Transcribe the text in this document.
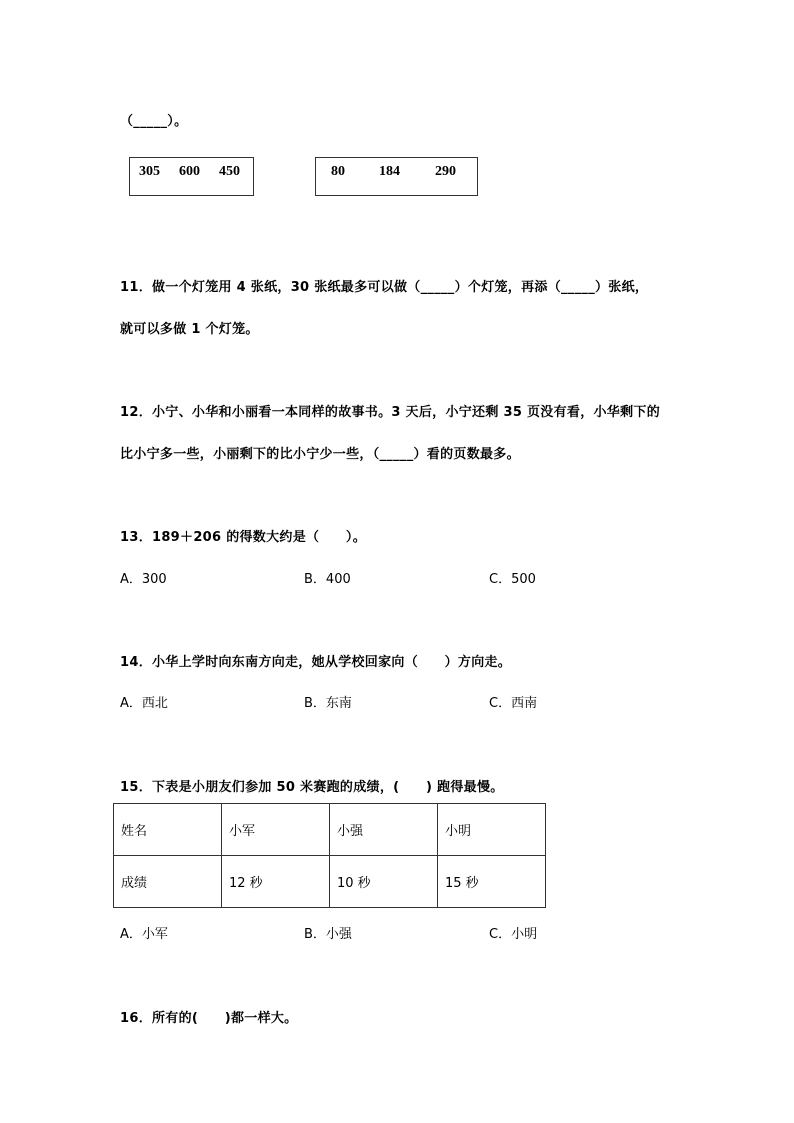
（_____）。
305 600 450	80 184	290
11．做一个灯笼用 4 张纸，30 张纸最多可以做（_____）个灯笼，再添（_____）张纸，
就可以多做 1 个灯笼。
12．小宁、小华和小丽看一本同样的故事书。3 天后，小宁还剩 35 页没有看，小华剩下的
比小宁多一些，小丽剩下的比小宁少一些，（_____）看的页数最多。
13．189＋206 的得数大约是（　　）。
A．300	B．400	C．500
14．小华上学时向东南方向走，她从学校回家向（　　）方向走。
A．西北	B．东南	C．西南
15．下表是小朋友们参加 50 米赛跑的成绩，(　　) 跑得最慢。
姓名	小军	小强	小明
成绩	12 秒	10 秒	15 秒
A．小军	B．小强	C．小明
16．所有的(　　)都一样大。
